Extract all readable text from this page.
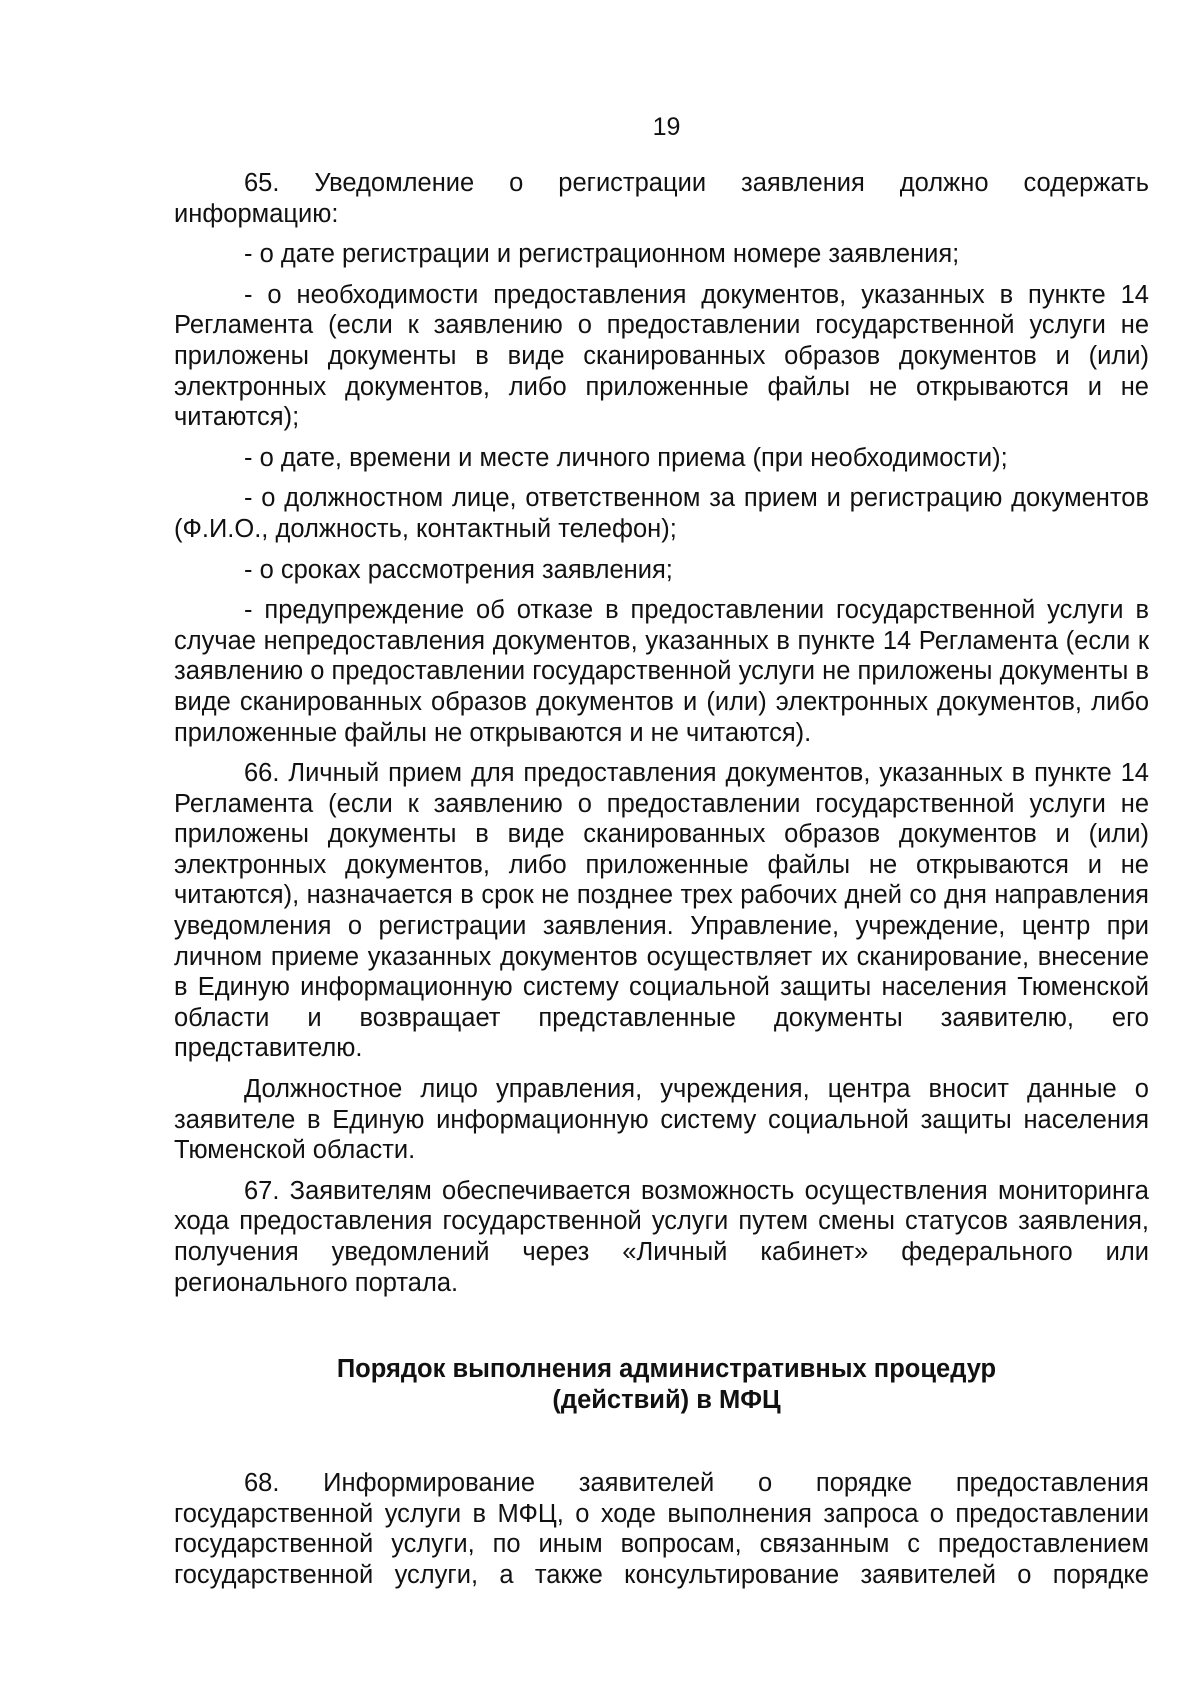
19

65. Уведомление о регистрации заявления должно содержать информацию:

- о дате регистрации и регистрационном номере заявления;

- о необходимости предоставления документов, указанных в пункте 14 Регламента (если к заявлению о предоставлении государственной услуги не приложены документы в виде сканированных образов документов и (или) электронных документов, либо приложенные файлы не открываются и не читаются);

- о дате, времени и месте личного приема (при необходимости);

- о должностном лице, ответственном за прием и регистрацию документов (Ф.И.О., должность, контактный телефон);

- о сроках рассмотрения заявления;

- предупреждение об отказе в предоставлении государственной услуги в случае непредоставления документов, указанных в пункте 14 Регламента (если к заявлению о предоставлении государственной услуги не приложены документы в виде сканированных образов документов и (или) электронных документов, либо приложенные файлы не открываются и не читаются).

66. Личный прием для предоставления документов, указанных в пункте 14 Регламента (если к заявлению о предоставлении государственной услуги не приложены документы в виде сканированных образов документов и (или) электронных документов, либо приложенные файлы не открываются и не читаются), назначается в срок не позднее трех рабочих дней со дня направления уведомления о регистрации заявления. Управление, учреждение, центр при личном приеме указанных документов осуществляет их сканирование, внесение в Единую информационную систему социальной защиты населения Тюменской области и возвращает представленные документы заявителю, его представителю.

Должностное лицо управления, учреждения, центра вносит данные о заявителе в Единую информационную систему социальной защиты населения Тюменской области.

67. Заявителям обеспечивается возможность осуществления мониторинга хода предоставления государственной услуги путем смены статусов заявления, получения уведомлений через «Личный кабинет» федерального или регионального портала.

Порядок выполнения административных процедур
(действий) в МФЦ

68. Информирование заявителей о порядке предоставления государственной услуги в МФЦ, о ходе выполнения запроса о предоставлении государственной услуги, по иным вопросам, связанным с предоставлением государственной услуги, а также консультирование заявителей о порядке
